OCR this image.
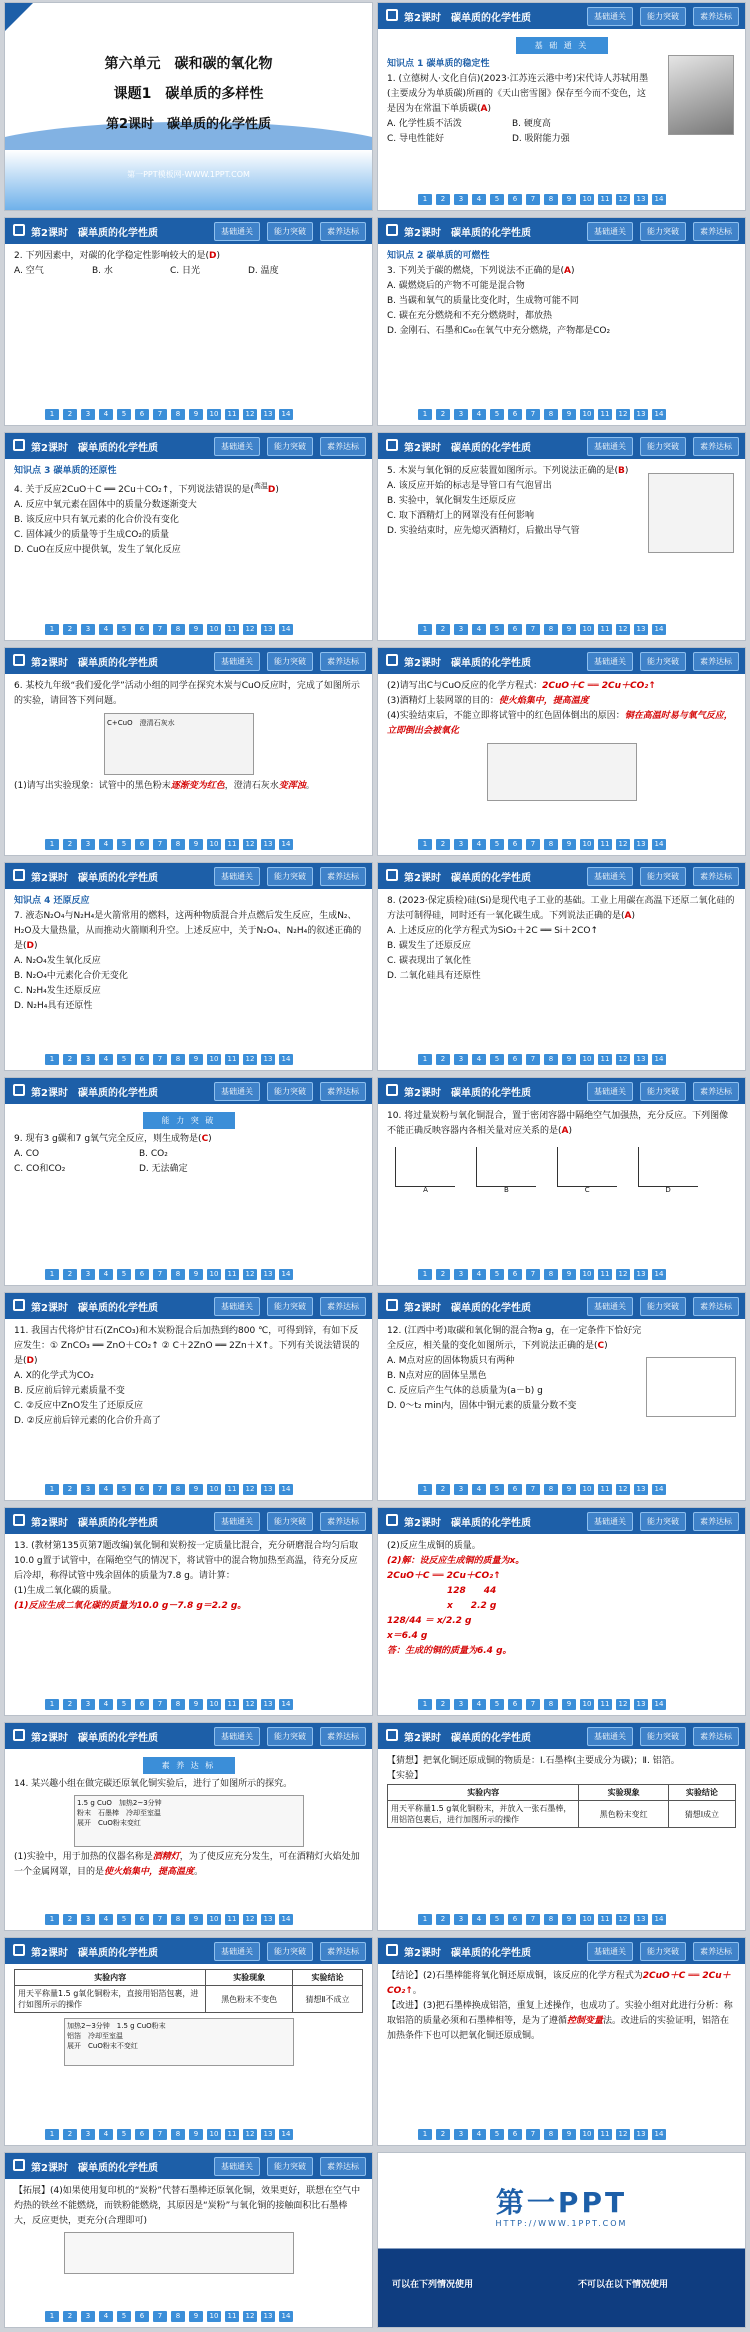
第六单元　碳和碳的氧化物
课题1　碳单质的多样性
第2课时　碳单质的化学性质
第一PPT模板网-WWW.1PPT.COM
第2课时　碳单质的化学性质	基础通关	能力突破	素养达标
基 础 通 关

知识点 1 碳单质的稳定性

1. (立德树人·文化自信)(2023·江苏连云港中考)宋代诗人苏轼用墨(主要成分为单质碳)所画的《天山密雪图》保存至今而不变色，这是因为在常温下单质碳(A)

A. 化学性质不活泼	B. 硬度高

C. 导电性能好	D. 吸附能力强

1	2	3	4	5	6	7	8	9	10	11	12	13	14
第2课时　碳单质的化学性质	基础通关	能力突破	素养达标

2. 下列因素中，对碳的化学稳定性影响较大的是(D)

A. 空气	B. 水	C. 日光	D. 温度

1	2	3	4	5	6	7	8	9	10	11	12	13	14
第2课时　碳单质的化学性质	基础通关	能力突破	素养达标

知识点 2 碳单质的可燃性

3. 下列关于碳的燃烧，下列说法不正确的是(A)

A. 碳燃烧后的产物不可能是混合物

B. 当碳和氧气的质量比变化时，生成物可能不同

C. 碳在充分燃烧和不充分燃烧时，都放热

D. 金刚石、石墨和C₆₀在氧气中充分燃烧，产物都是CO₂

1	2	3	4	5	6	7	8	9	10	11	12	13	14
第2课时　碳单质的化学性质	基础通关	能力突破	素养达标

知识点 3 碳单质的还原性

4. 关于反应2CuO＋C ══ 2Cu＋CO₂↑，下列说法错误的是($^{高温}$D)

A. 反应中氧元素在固体中的质量分数逐渐变大

B. 该反应中只有氧元素的化合价没有变化

C. 固体减少的质量等于生成CO₂的质量

D. CuO在反应中提供氧，发生了氧化反应

1	2	3	4	5	6	7	8	9	10	11	12	13	14
第2课时　碳单质的化学性质	基础通关	能力突破	素养达标

5. 木炭与氧化铜的反应装置如图所示。下列说法正确的是(B)

A. 该反应开始的标志是导管口有气泡冒出

B. 实验中，氧化铜发生还原反应

C. 取下酒精灯上的网罩没有任何影响

D. 实验结束时，应先熄灭酒精灯，后撤出导气管

1	2	3	4	5	6	7	8	9	10	11	12	13	14
第2课时　碳单质的化学性质	基础通关	能力突破	素养达标

6. 某校九年级“我们爱化学”活动小组的同学在探究木炭与CuO反应时，完成了如图所示的实验，请回答下列问题。

C+CuO　澄清石灰水

(1)请写出实验现象：试管中的黑色粉末逐渐变为红色，澄清石灰水变浑浊。

1	2	3	4	5	6	7	8	9	10	11	12	13	14
第2课时　碳单质的化学性质	基础通关	能力突破	素养达标

(2)请写出C与CuO反应的化学方程式：2CuO＋C ══ 2Cu＋CO₂↑

(3)酒精灯上装网罩的目的：使火焰集中，提高温度

(4)实验结束后，不能立即将试管中的红色固体倒出的原因：铜在高温时易与氧气反应，立即倒出会被氧化

1	2	3	4	5	6	7	8	9	10	11	12	13	14
第2课时　碳单质的化学性质	基础通关	能力突破	素养达标

知识点 4 还原反应

7. 液态N₂O₄与N₂H₄是火箭常用的燃料，这两种物质混合并点燃后发生反应，生成N₂、H₂O及大量热量，从而推动火箭顺利升空。上述反应中，关于N₂O₄、N₂H₄的叙述正确的是(D)

A. N₂O₄发生氧化反应

B. N₂O₄中元素化合价无变化

C. N₂H₄发生还原反应

D. N₂H₄具有还原性

1	2	3	4	5	6	7	8	9	10	11	12	13	14
第2课时　碳单质的化学性质	基础通关	能力突破	素养达标

8. (2023·保定质检)硅(Si)是现代电子工业的基础。工业上用碳在高温下还原二氧化硅的方法可制得硅，同时还有一氧化碳生成。下列说法正确的是(A)

A. 上述反应的化学方程式为SiO₂＋2C ══ Si＋2CO↑

B. 碳发生了还原反应

C. 碳表现出了氧化性

D. 二氧化硅具有还原性

1	2	3	4	5	6	7	8	9	10	11	12	13	14
第2课时　碳单质的化学性质	基础通关	能力突破	素养达标
能 力 突 破

9. 现有3 g碳和7 g氧气完全反应，则生成物是(C)

A. CO	B. CO₂

C. CO和CO₂	D. 无法确定

1	2	3	4	5	6	7	8	9	10	11	12	13	14
第2课时　碳单质的化学性质	基础通关	能力突破	素养达标

10. 将过量炭粉与氧化铜混合，置于密闭容器中隔绝空气加强热，充分反应。下列图像不能正确反映容器内各相关量对应关系的是(A)

A
	B
	C
	D
1	2	3	4	5	6	7	8	9	10	11	12	13	14
第2课时　碳单质的化学性质	基础通关	能力突破	素养达标

11. 我国古代将炉甘石(ZnCO₃)和木炭粉混合后加热到约800 ℃，可得到锌，有如下反应发生：① ZnCO₃ ══ ZnO＋CO₂↑ ② C＋2ZnO ══ 2Zn＋X↑。下列有关说法错误的是(D)

A. X的化学式为CO₂

B. 反应前后锌元素质量不变

C. ②反应中ZnO发生了还原反应

D. ②反应前后锌元素的化合价升高了

1	2	3	4	5	6	7	8	9	10	11	12	13	14
第2课时　碳单质的化学性质	基础通关	能力突破	素养达标

12. (江西中考)取碳和氧化铜的混合物a g，在一定条件下恰好完全反应，相关量的变化如图所示，下列说法正确的是(C)

A. M点对应的固体物质只有两种

B. N点对应的固体呈黑色

C. 反应后产生气体的总质量为(a－b) g

D. 0～t₂ min内，固体中铜元素的质量分数不变

1	2	3	4	5	6	7	8	9	10	11	12	13	14
第2课时　碳单质的化学性质	基础通关	能力突破	素养达标

13. (教材第135页第7题改编)氧化铜和炭粉按一定质量比混合，充分研磨混合均匀后取10.0 g置于试管中，在隔绝空气的情况下，将试管中的混合物加热至高温，待充分反应后冷却，称得试管中残余固体的质量为7.8 g。请计算：

(1)生成二氧化碳的质量。

(1)反应生成二氧化碳的质量为10.0 g－7.8 g＝2.2 g。

1	2	3	4	5	6	7	8	9	10	11	12	13	14
第2课时　碳单质的化学性质	基础通关	能力突破	素养达标

(2)反应生成铜的质量。

(2)解：设反应生成铜的质量为x。

2CuO＋C ══ 2Cu＋CO₂↑

128　　44

x　　2.2 g

128/44 ＝ x/2.2 g

x＝6.4 g

答：生成的铜的质量为6.4 g。

1	2	3	4	5	6	7	8	9	10	11	12	13	14
第2课时　碳单质的化学性质	基础通关	能力突破	素养达标
素 养 达 标

14. 某兴趣小组在做完碳还原氧化铜实验后，进行了如图所示的探究。

1.5 g CuO　 加热2~3分钟
粉末　石墨棒　 冷却至室温
展开　 CuO粉末变红

(1)实验中，用于加热的仪器名称是酒精灯，为了使反应充分发生，可在酒精灯火焰处加一个金属网罩，目的是使火焰集中，提高温度。

1	2	3	4	5	6	7	8	9	10	11	12	13	14
第2课时　碳单质的化学性质	基础通关	能力突破	素养达标

【猜想】把氧化铜还原成铜的物质是：Ⅰ.石墨棒(主要成分为碳)；Ⅱ. 铝箔。

【实验】

实验内容	实验现象	实验结论
用天平称量1.5 g氧化铜粉末，并放入一张石墨棒，用铝箔包裹后，进行加图所示的操作	黑色粉末变红	猜想Ⅰ成立
1	2	3	4	5	6	7	8	9	10	11	12	13	14
第2课时　碳单质的化学性质	基础通关	能力突破	素养达标
实验内容	实验现象	实验结论
用天平称量1.5 g氧化铜粉末，直接用铝箔包裹，进行如图所示的操作	黑色粉末不变色	猜想Ⅱ不成立
加热2~3分钟　 1.5 g CuO粉末
铝箔　 冷却至室温
展开　 CuO粉末不变红
1	2	3	4	5	6	7	8	9	10	11	12	13	14
第2课时　碳单质的化学性质	基础通关	能力突破	素养达标

【结论】(2)石墨棒能将氧化铜还原成铜，该反应的化学方程式为2CuO＋C ══ 2Cu＋CO₂↑。

【改进】(3)把石墨棒换成铝箔，重复上述操作，也成功了。实验小组对此进行分析：称取铝箔的质量必须和石墨棒相等，是为了遵循控制变量法。改进后的实验证明，铝箔在加热条件下也可以把氧化铜还原成铜。

1	2	3	4	5	6	7	8	9	10	11	12	13	14
第2课时　碳单质的化学性质	基础通关	能力突破	素养达标

【拓展】(4)如果使用复印机的“炭粉”代替石墨棒还原氧化铜，效果更好，联想在空气中灼热的铁丝不能燃烧，而铁粉能燃烧，其原因是“炭粉”与氧化铜的接触面积比石墨棒大，反应更快，更充分(合理即可)

1	2	3	4	5	6	7	8	9	10	11	12	13	14
第一PPT
HTTP://WWW.1PPT.COM
可以在下列情况使用	不可以在以下情况使用
